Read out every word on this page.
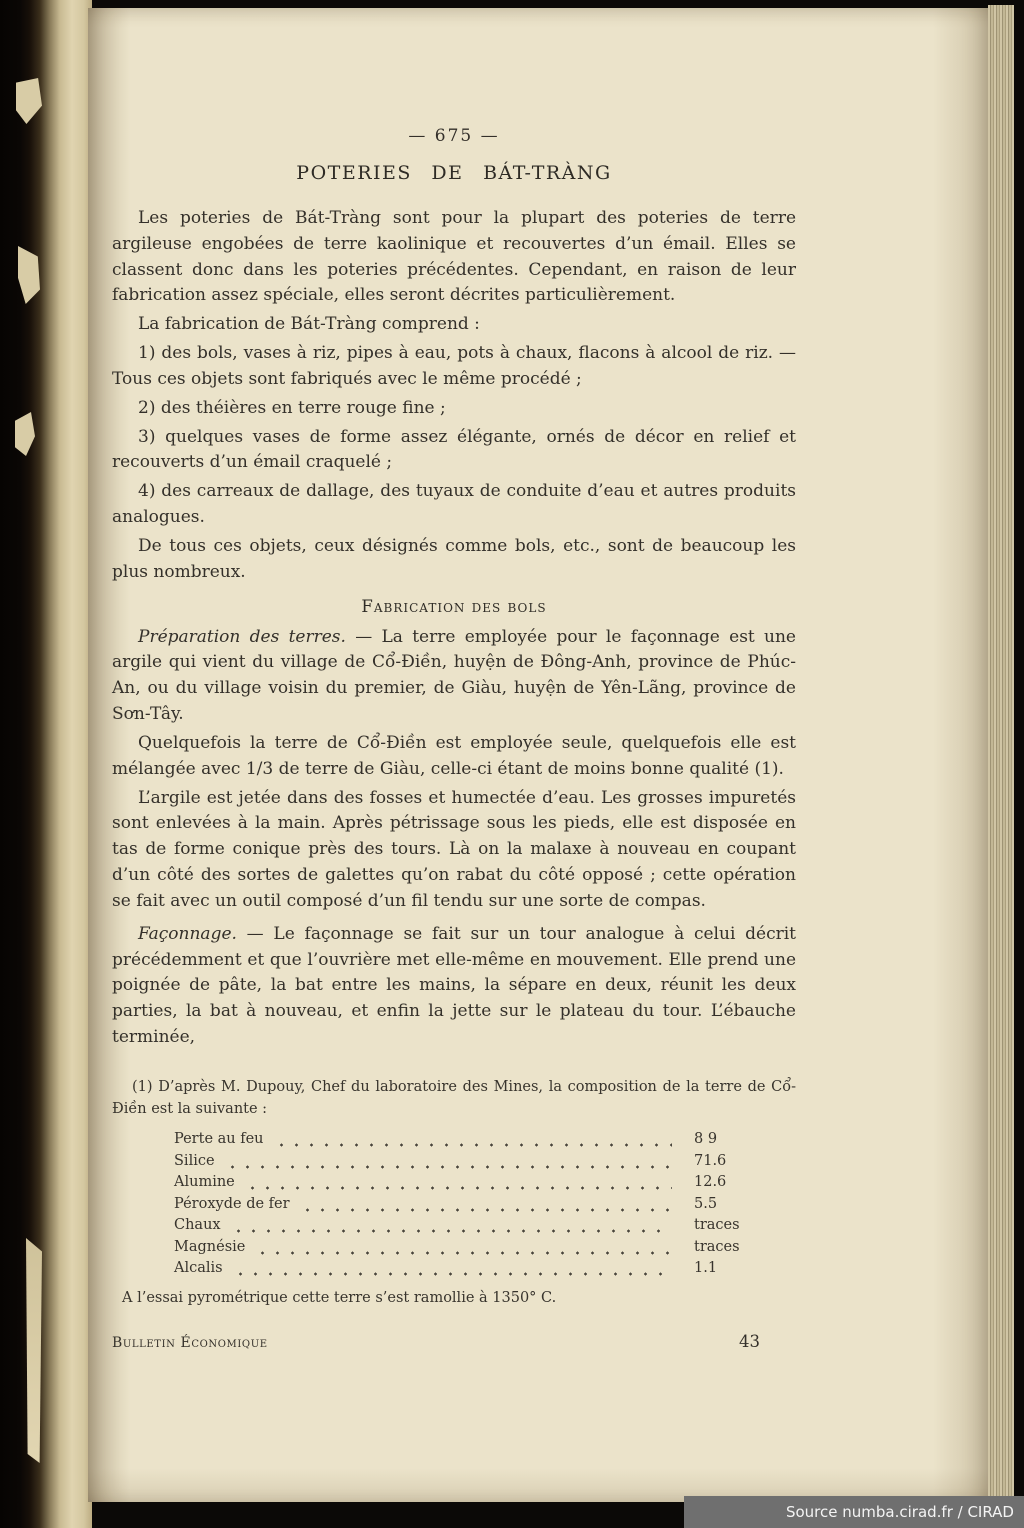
— 675 —
POTERIES DE BÁT-TRÀNG

Les poteries de Bát-Tràng sont pour la plupart des poteries de terre argileuse engobées de terre kaolinique et recouvertes d’un émail. Elles se classent donc dans les poteries précédentes. Cependant, en raison de leur fabrication assez spéciale, elles seront décrites particulièrement.

La fabrication de Bát-Tràng comprend :

1) des bols, vases à riz, pipes à eau, pots à chaux, flacons à alcool de riz. — Tous ces objets sont fabriqués avec le même procédé ;

2) des théières en terre rouge fine ;

3) quelques vases de forme assez élégante, ornés de décor en relief et recouverts d’un émail craquelé ;

4) des carreaux de dallage, des tuyaux de conduite d’eau et autres produits analogues.

De tous ces objets, ceux désignés comme bols, etc., sont de beaucoup les plus nombreux.

Fabrication des bols

Préparation des terres. — La terre employée pour le façonnage est une argile qui vient du village de Cổ-Điền, huyện de Đông-Anh, province de Phúc-An, ou du village voisin du premier, de Giàu, huyện de Yên-Lãng, province de Sơn-Tây.

Quelquefois la terre de Cổ-Điền est employée seule, quelquefois elle est mélangée avec 1/3 de terre de Giàu, celle-ci étant de moins bonne qualité (1).

L’argile est jetée dans des fosses et humectée d’eau. Les grosses impuretés sont enlevées à la main. Après pétrissage sous les pieds, elle est disposée en tas de forme conique près des tours. Là on la malaxe à nouveau en coupant d’un côté des sortes de galettes qu’on rabat du côté opposé ; cette opération se fait avec un outil composé d’un fil tendu sur une sorte de compas.

Façonnage. — Le façonnage se fait sur un tour analogue à celui décrit précédemment et que l’ouvrière met elle-même en mouvement. Elle prend une poignée de pâte, la bat entre les mains, la sépare en deux, réunit les deux parties, la bat à nouveau, et enfin la jette sur le plateau du tour. L’ébauche terminée,

(1) D’après M. Dupouy, Chef du laboratoire des Mines, la composition de la terre de Cổ-Điền est la suivante :

Perte au feu	8 9
Silice	71.6
Alumine	12.6
Péroxyde de fer	5.5
Chaux	traces
Magnésie	traces
Alcalis	1.1

A l’essai pyrométrique cette terre s’est ramollie à 1350° C.

Bulletin Économique	43
Source numba.cirad.fr / CIRAD
